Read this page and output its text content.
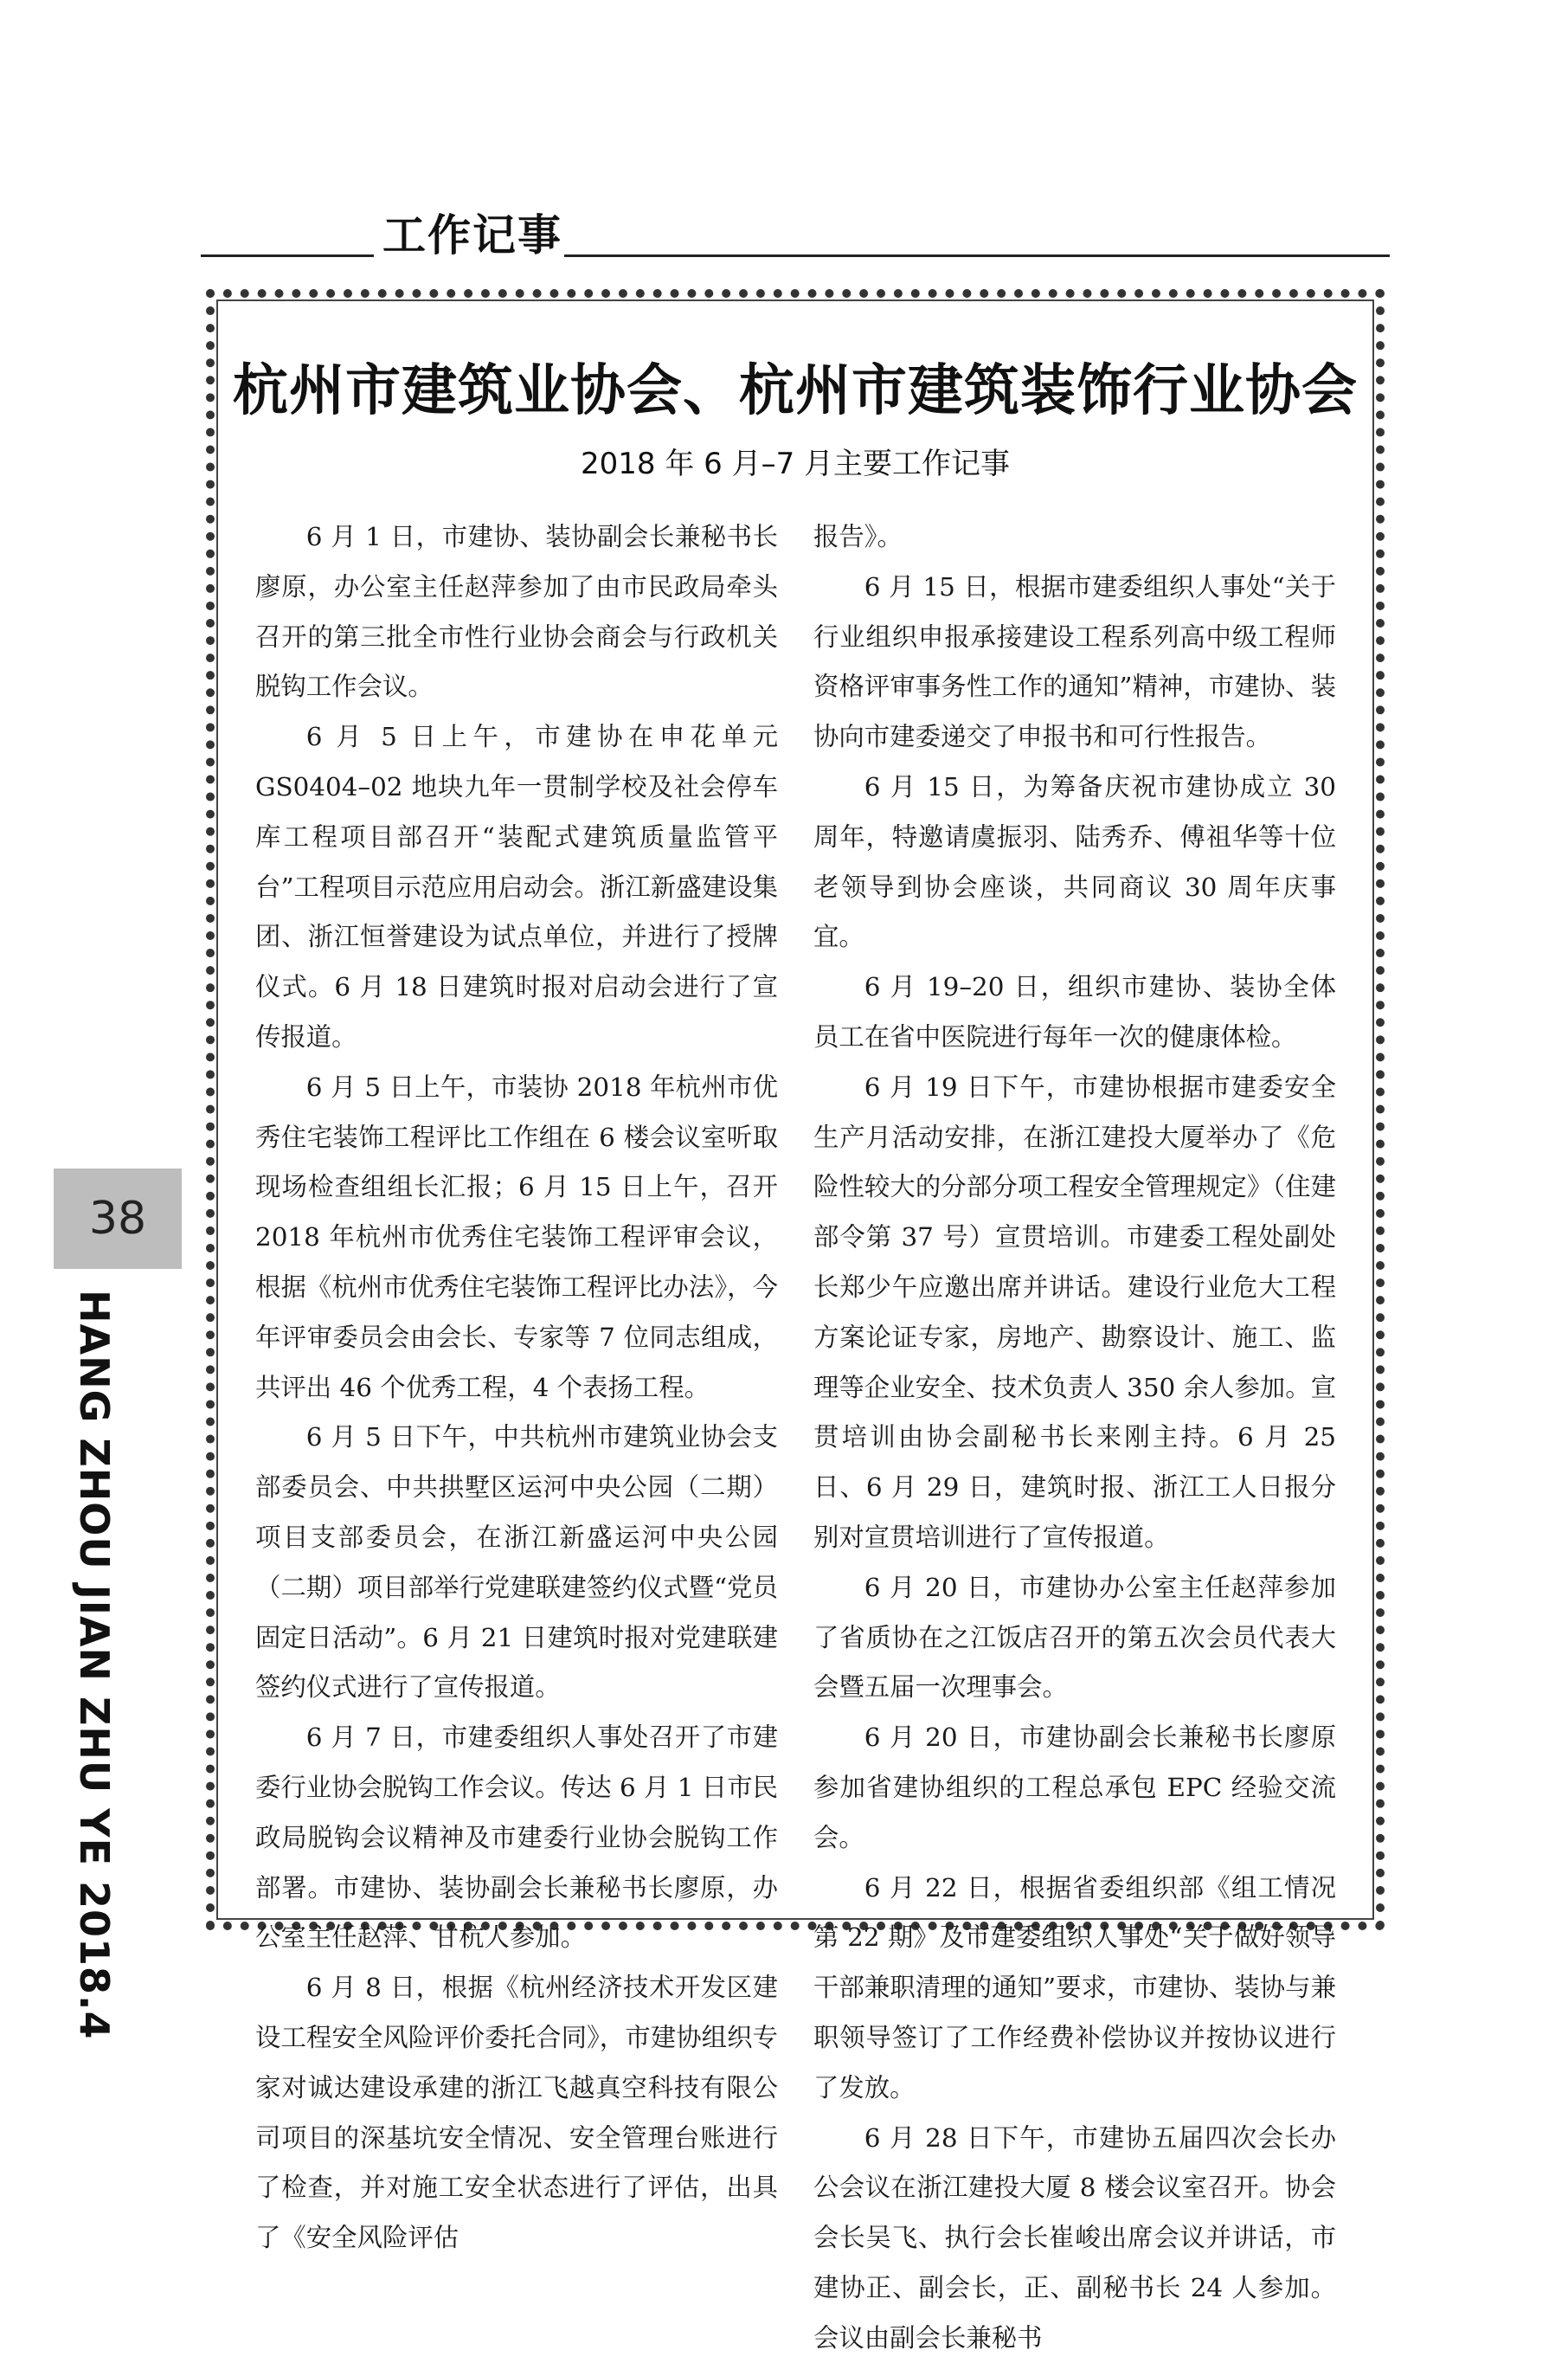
工作记事
杭州市建筑业协会、杭州市建筑装饰行业协会
2018 年 6 月–7 月主要工作记事

6 月 1 日，市建协、装协副会长兼秘书长廖原，办公室主任赵萍参加了由市民政局牵头召开的第三批全市性行业协会商会与行政机关脱钩工作会议。

6 月 5 日上午，市建协在申花单元 GS0404–02 地块九年一贯制学校及社会停车库工程项目部召开“装配式建筑质量监管平台”工程项目示范应用启动会。浙江新盛建设集团、浙江恒誉建设为试点单位，并进行了授牌仪式。6 月 18 日建筑时报对启动会进行了宣传报道。

6 月 5 日上午，市装协 2018 年杭州市优秀住宅装饰工程评比工作组在 6 楼会议室听取现场检查组组长汇报；6 月 15 日上午，召开 2018 年杭州市优秀住宅装饰工程评审会议，根据《杭州市优秀住宅装饰工程评比办法》，今年评审委员会由会长、专家等 7 位同志组成，共评出 46 个优秀工程，4 个表扬工程。

6 月 5 日下午，中共杭州市建筑业协会支部委员会、中共拱墅区运河中央公园（二期）项目支部委员会，在浙江新盛运河中央公园（二期）项目部举行党建联建签约仪式暨“党员固定日活动”。6 月 21 日建筑时报对党建联建签约仪式进行了宣传报道。

6 月 7 日，市建委组织人事处召开了市建委行业协会脱钩工作会议。传达 6 月 1 日市民政局脱钩会议精神及市建委行业协会脱钩工作部署。市建协、装协副会长兼秘书长廖原，办公室主任赵萍、甘杭人参加。

6 月 8 日，根据《杭州经济技术开发区建设工程安全风险评价委托合同》，市建协组织专家对诚达建设承建的浙江飞越真空科技有限公司项目的深基坑安全情况、安全管理台账进行了检查，并对施工安全状态进行了评估，出具了《安全风险评估

报告》。

6 月 15 日，根据市建委组织人事处“关于行业组织申报承接建设工程系列高中级工程师资格评审事务性工作的通知”精神，市建协、装协向市建委递交了申报书和可行性报告。

6 月 15 日，为筹备庆祝市建协成立 30 周年，特邀请虞振羽、陆秀乔、傅祖华等十位老领导到协会座谈，共同商议 30 周年庆事宜。

6 月 19–20 日，组织市建协、装协全体员工在省中医院进行每年一次的健康体检。

6 月 19 日下午，市建协根据市建委安全生产月活动安排，在浙江建投大厦举办了《危险性较大的分部分项工程安全管理规定》（住建部令第 37 号）宣贯培训。市建委工程处副处长郑少午应邀出席并讲话。建设行业危大工程方案论证专家，房地产、勘察设计、施工、监理等企业安全、技术负责人 350 余人参加。宣贯培训由协会副秘书长来刚主持。6 月 25 日、6 月 29 日，建筑时报、浙江工人日报分别对宣贯培训进行了宣传报道。

6 月 20 日，市建协办公室主任赵萍参加了省质协在之江饭店召开的第五次会员代表大会暨五届一次理事会。

6 月 20 日，市建协副会长兼秘书长廖原参加省建协组织的工程总承包 EPC 经验交流会。

6 月 22 日，根据省委组织部《组工情况第 22 期》及市建委组织人事处“关于做好领导干部兼职清理的通知”要求，市建协、装协与兼职领导签订了工作经费补偿协议并按协议进行了发放。

6 月 28 日下午，市建协五届四次会长办公会议在浙江建投大厦 8 楼会议室召开。协会会长吴飞、执行会长崔峻出席会议并讲话，市建协正、副会长，正、副秘书长 24 人参加。会议由副会长兼秘书

38
HANG ZHOU JIAN ZHU YE 2018.4
